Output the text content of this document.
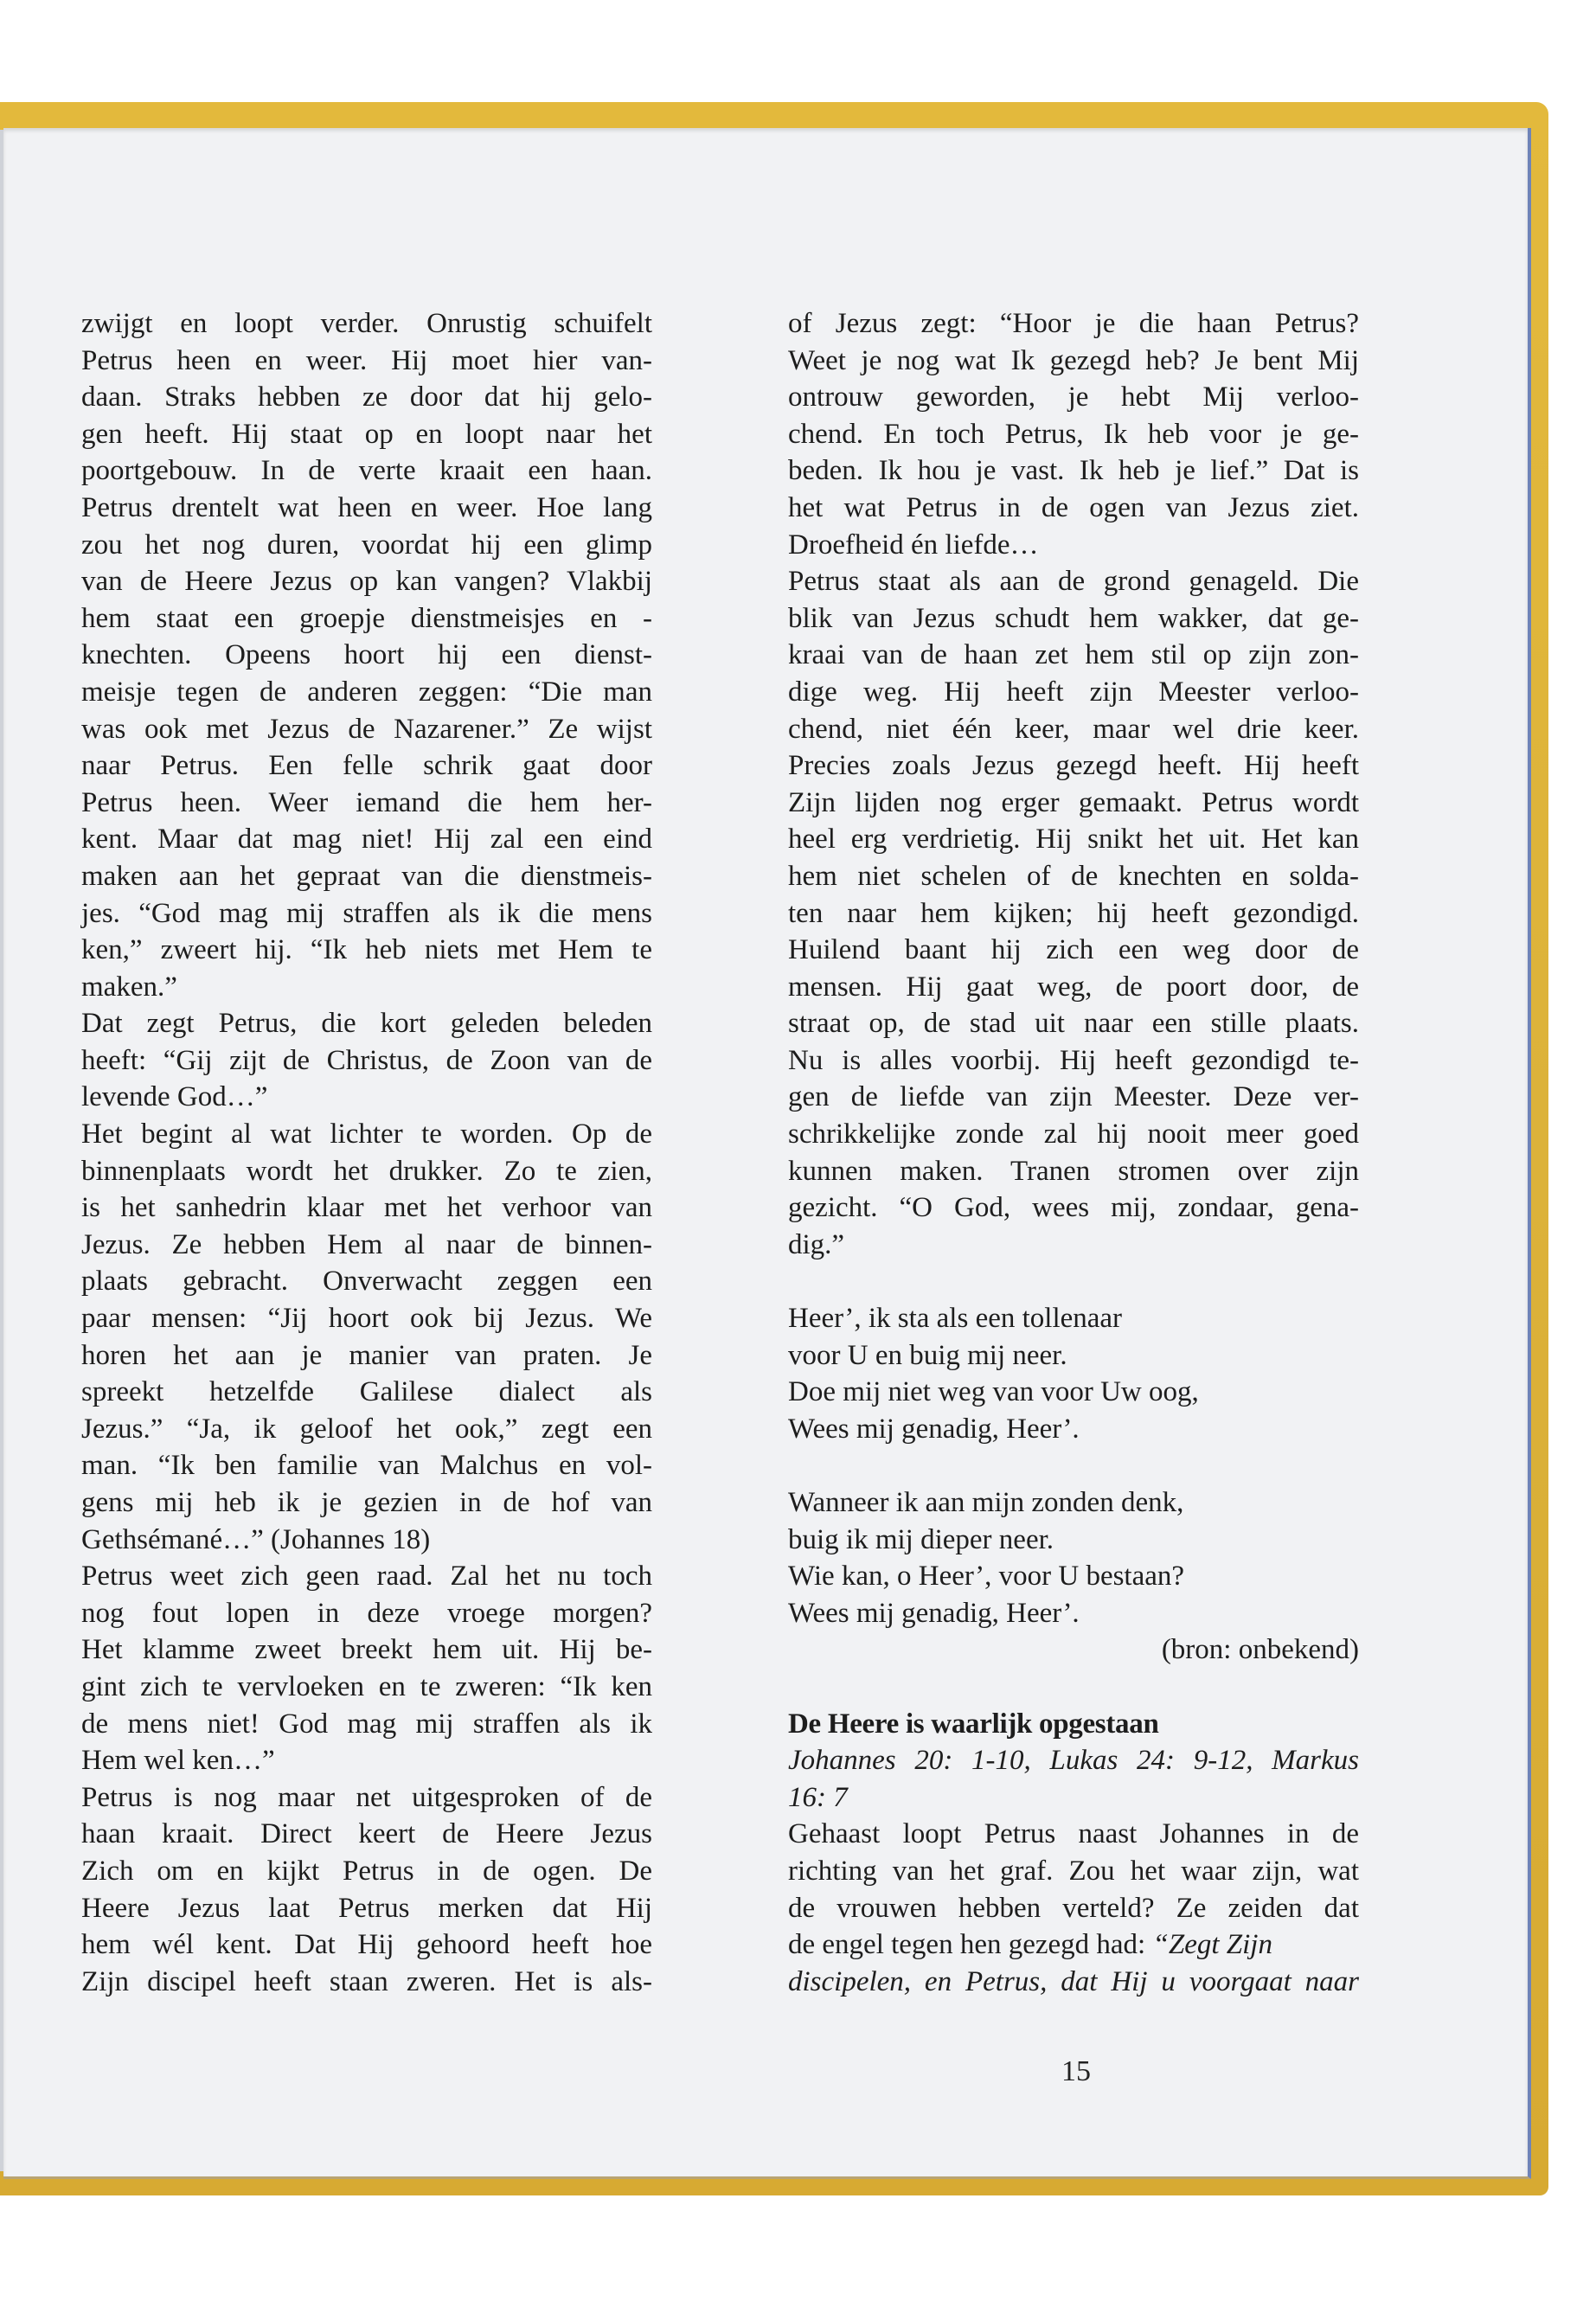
zwijgt en loopt verder. Onrustig schuifelt
Petrus heen en weer. Hij moet hier van-
daan. Straks hebben ze door dat hij gelo-
gen heeft. Hij staat op en loopt naar het
poortgebouw. In de verte kraait een haan.
Petrus drentelt wat heen en weer. Hoe lang
zou het nog duren, voordat hij een glimp
van de Heere Jezus op kan vangen? Vlakbij
hem staat een groepje dienstmeisjes en -
knechten. Opeens hoort hij een dienst-
meisje tegen de anderen zeggen: “Die man
was ook met Jezus de Nazarener.” Ze wijst
naar Petrus. Een felle schrik gaat door
Petrus heen. Weer iemand die hem her-
kent. Maar dat mag niet! Hij zal een eind
maken aan het gepraat van die dienstmeis-
jes. “God mag mij straffen als ik die mens
ken,” zweert hij. “Ik heb niets met Hem te
maken.”
Dat zegt Petrus, die kort geleden beleden
heeft: “Gij zijt de Christus, de Zoon van de
levende God…”
Het begint al wat lichter te worden. Op de
binnenplaats wordt het drukker. Zo te zien,
is het sanhedrin klaar met het verhoor van
Jezus. Ze hebben Hem al naar de binnen-
plaats gebracht. Onverwacht zeggen een
paar mensen: “Jij hoort ook bij Jezus. We
horen het aan je manier van praten. Je
spreekt hetzelfde Galilese dialect als
Jezus.” “Ja, ik geloof het ook,” zegt een
man. “Ik ben familie van Malchus en vol-
gens mij heb ik je gezien in de hof van
Gethsémané…” (Johannes 18)
Petrus weet zich geen raad. Zal het nu toch
nog fout lopen in deze vroege morgen?
Het klamme zweet breekt hem uit. Hij be-
gint zich te vervloeken en te zweren: “Ik ken
de mens niet! God mag mij straffen als ik
Hem wel ken…”
Petrus is nog maar net uitgesproken of de
haan kraait. Direct keert de Heere Jezus
Zich om en kijkt Petrus in de ogen. De
Heere Jezus laat Petrus merken dat Hij
hem wél kent. Dat Hij gehoord heeft hoe
Zijn discipel heeft staan zweren. Het is als-
of Jezus zegt: “Hoor je die haan Petrus?
Weet je nog wat Ik gezegd heb? Je bent Mij
ontrouw geworden, je hebt Mij verloo-
chend. En toch Petrus, Ik heb voor je ge-
beden. Ik hou je vast. Ik heb je lief.” Dat is
het wat Petrus in de ogen van Jezus ziet.
Droefheid én liefde…
Petrus staat als aan de grond genageld. Die
blik van Jezus schudt hem wakker, dat ge-
kraai van de haan zet hem stil op zijn zon-
dige weg. Hij heeft zijn Meester verloo-
chend, niet één keer, maar wel drie keer.
Precies zoals Jezus gezegd heeft. Hij heeft
Zijn lijden nog erger gemaakt. Petrus wordt
heel erg verdrietig. Hij snikt het uit. Het kan
hem niet schelen of de knechten en solda-
ten naar hem kijken; hij heeft gezondigd.
Huilend baant hij zich een weg door de
mensen. Hij gaat weg, de poort door, de
straat op, de stad uit naar een stille plaats.
Nu is alles voorbij. Hij heeft gezondigd te-
gen de liefde van zijn Meester. Deze ver-
schrikkelijke zonde zal hij nooit meer goed
kunnen maken. Tranen stromen over zijn
gezicht. “O God, wees mij, zondaar, gena-
dig.”
Heer’, ik sta als een tollenaar
voor U en buig mij neer.
Doe mij niet weg van voor Uw oog,
Wees mij genadig, Heer’.
Wanneer ik aan mijn zonden denk,
buig ik mij dieper neer.
Wie kan, o Heer’, voor U bestaan?
Wees mij genadig, Heer’.
(bron: onbekend)
De Heere is waarlijk opgestaan
Johannes 20: 1-10, Lukas 24: 9-12, Markus
16: 7
Gehaast loopt Petrus naast Johannes in de
richting van het graf. Zou het waar zijn, wat
de vrouwen hebben verteld? Ze zeiden dat
de engel tegen hen gezegd had: “Zegt Zijn
discipelen, en Petrus, dat Hij u voorgaat naar
15
